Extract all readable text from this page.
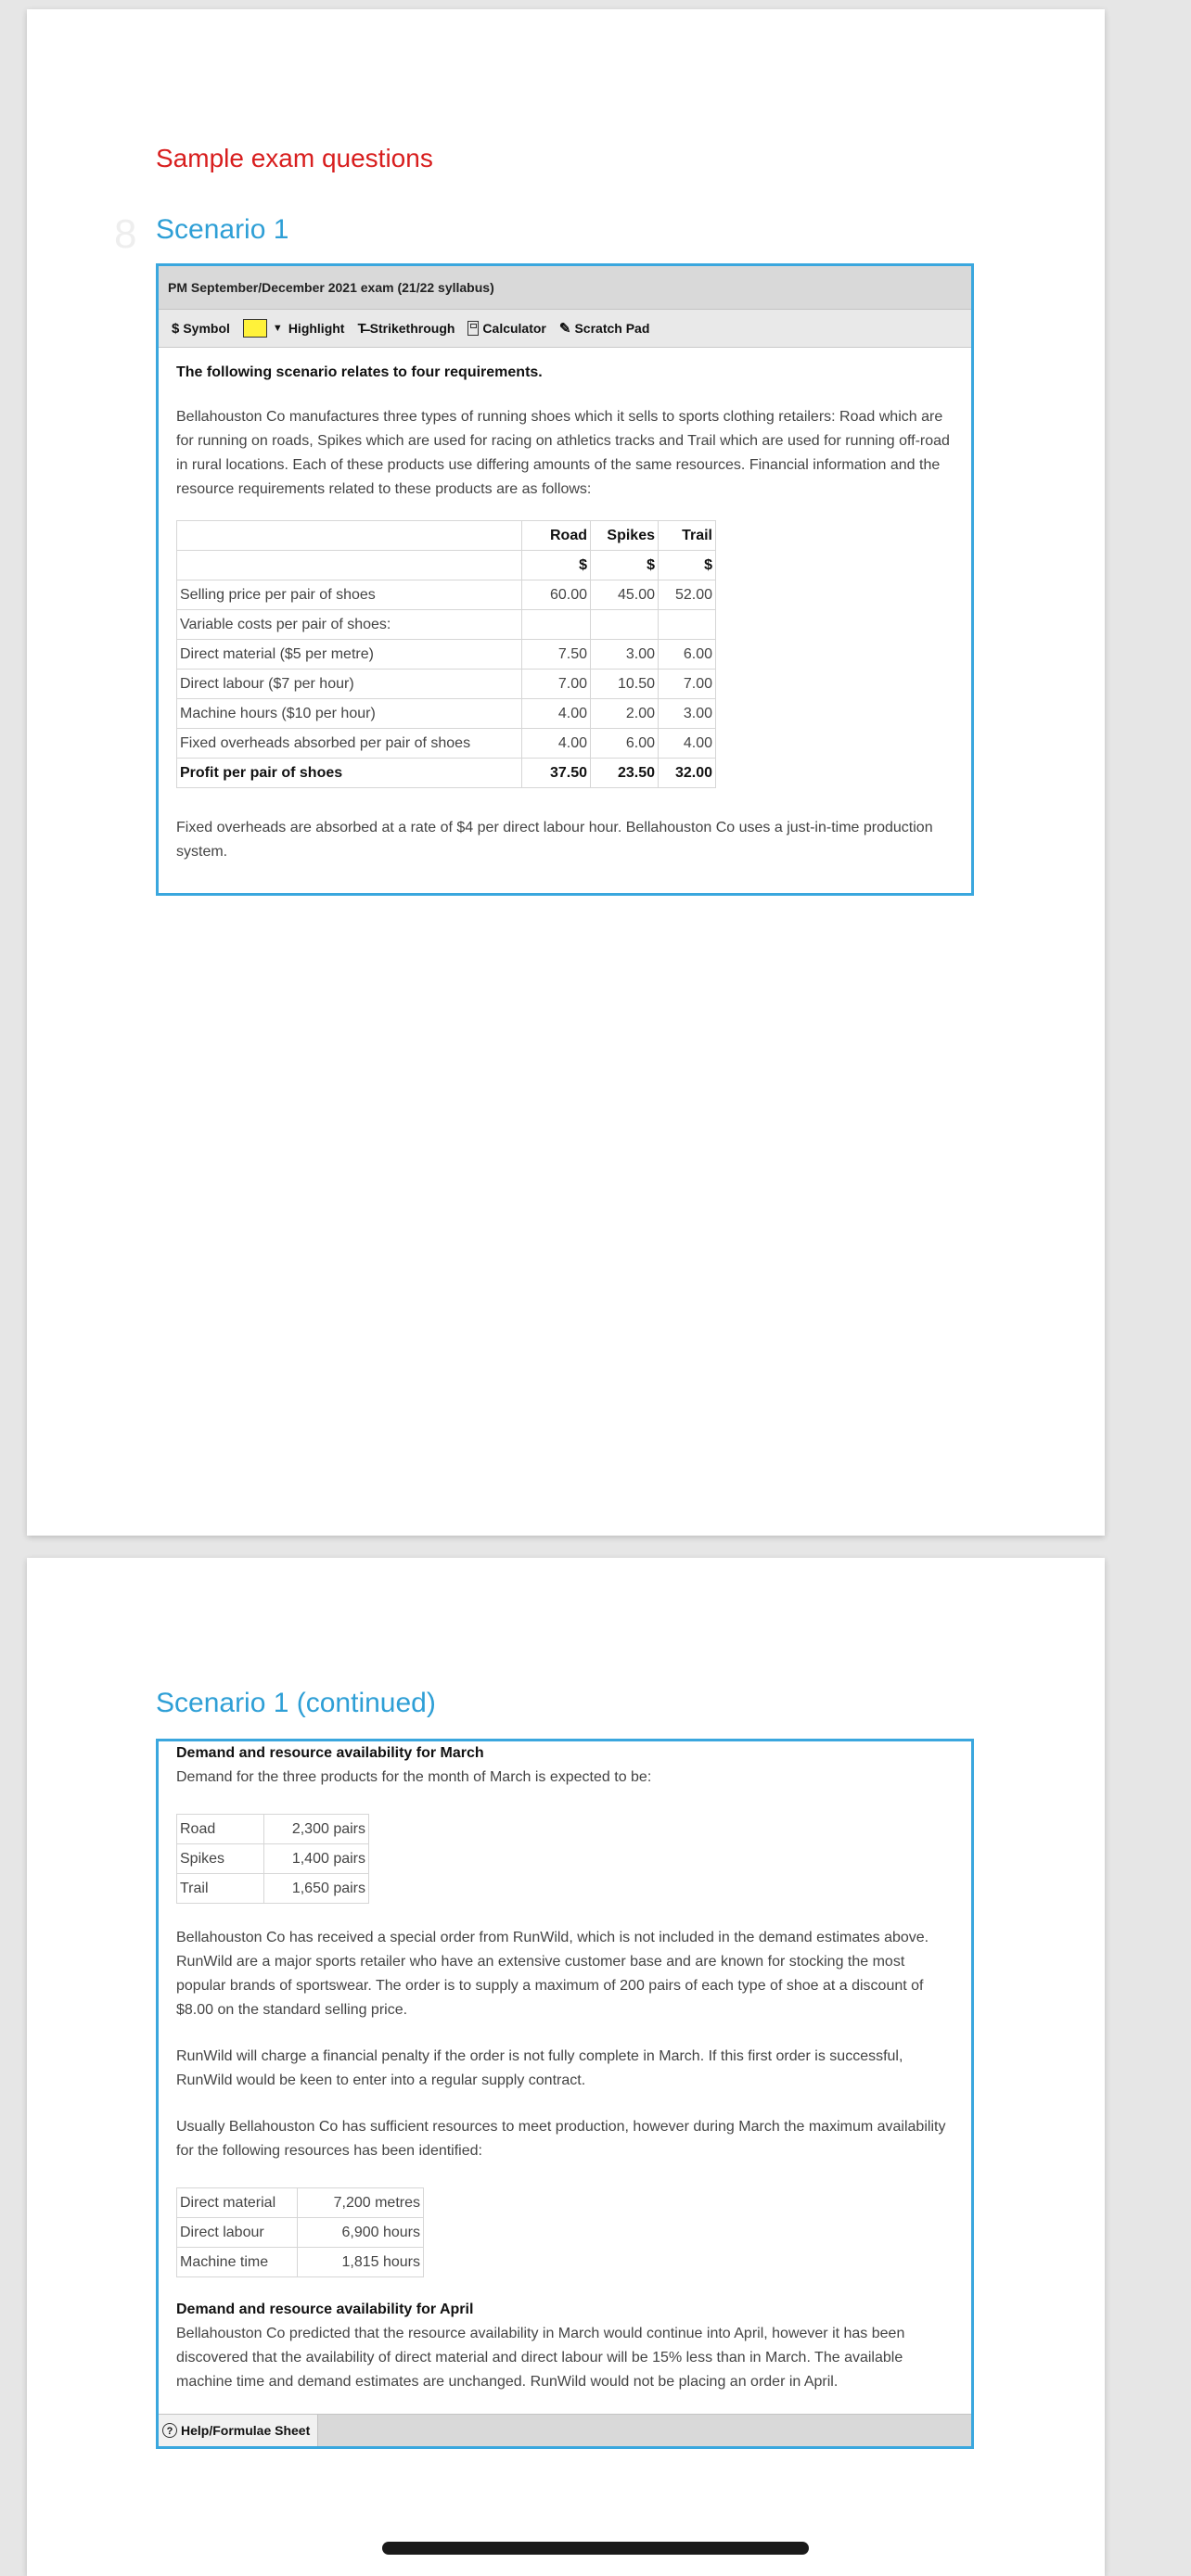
Sample exam questions
8 Scenario 1
PM September/December 2021 exam (21/22 syllabus)
$ Symbol	▼ Highlight T̶ Strikethrough Calculator ✎ Scratch Pad

The following scenario relates to four requirements.

Bellahouston Co manufactures three types of running shoes which it sells to sports clothing retailers: Road which are for running on roads, Spikes which are used for racing on athletics tracks and Trail which are used for running off-road in rural locations. Each of these products use differing amounts of the same resources. Financial information and the resource requirements related to these products are as follows:

	Road	Spikes	Trail
	$	$	$
Selling price per pair of shoes	60.00	45.00	52.00
Variable costs per pair of shoes:			
Direct material ($5 per metre)	7.50	3.00	6.00
Direct labour ($7 per hour)	7.00	10.50	7.00
Machine hours ($10 per hour)	4.00	2.00	3.00
Fixed overheads absorbed per pair of shoes	4.00	6.00	4.00
Profit per pair of shoes	37.50	23.50	32.00

Fixed overheads are absorbed at a rate of $4 per direct labour hour. Bellahouston Co uses a just-in-time production system.

Scenario 1 (continued)

Demand and resource availability for March

Demand for the three products for the month of March is expected to be:

Road	2,300 pairs
Spikes	1,400 pairs
Trail	1,650 pairs

Bellahouston Co has received a special order from RunWild, which is not included in the demand estimates above. RunWild are a major sports retailer who have an extensive customer base and are known for stocking the most popular brands of sportswear. The order is to supply a maximum of 200 pairs of each type of shoe at a discount of $8.00 on the standard selling price.

RunWild will charge a financial penalty if the order is not fully complete in March. If this first order is successful, RunWild would be keen to enter into a regular supply contract.

Usually Bellahouston Co has sufficient resources to meet production, however during March the maximum availability for the following resources has been identified:

Direct material	7,200 metres
Direct labour	6,900 hours
Machine time	1,815 hours

Demand and resource availability for April

Bellahouston Co predicted that the resource availability in March would continue into April, however it has been discovered that the availability of direct material and direct labour will be 15% less than in March. The available machine time and demand estimates are unchanged. RunWild would not be placing an order in April.

? Help/Formulae Sheet
